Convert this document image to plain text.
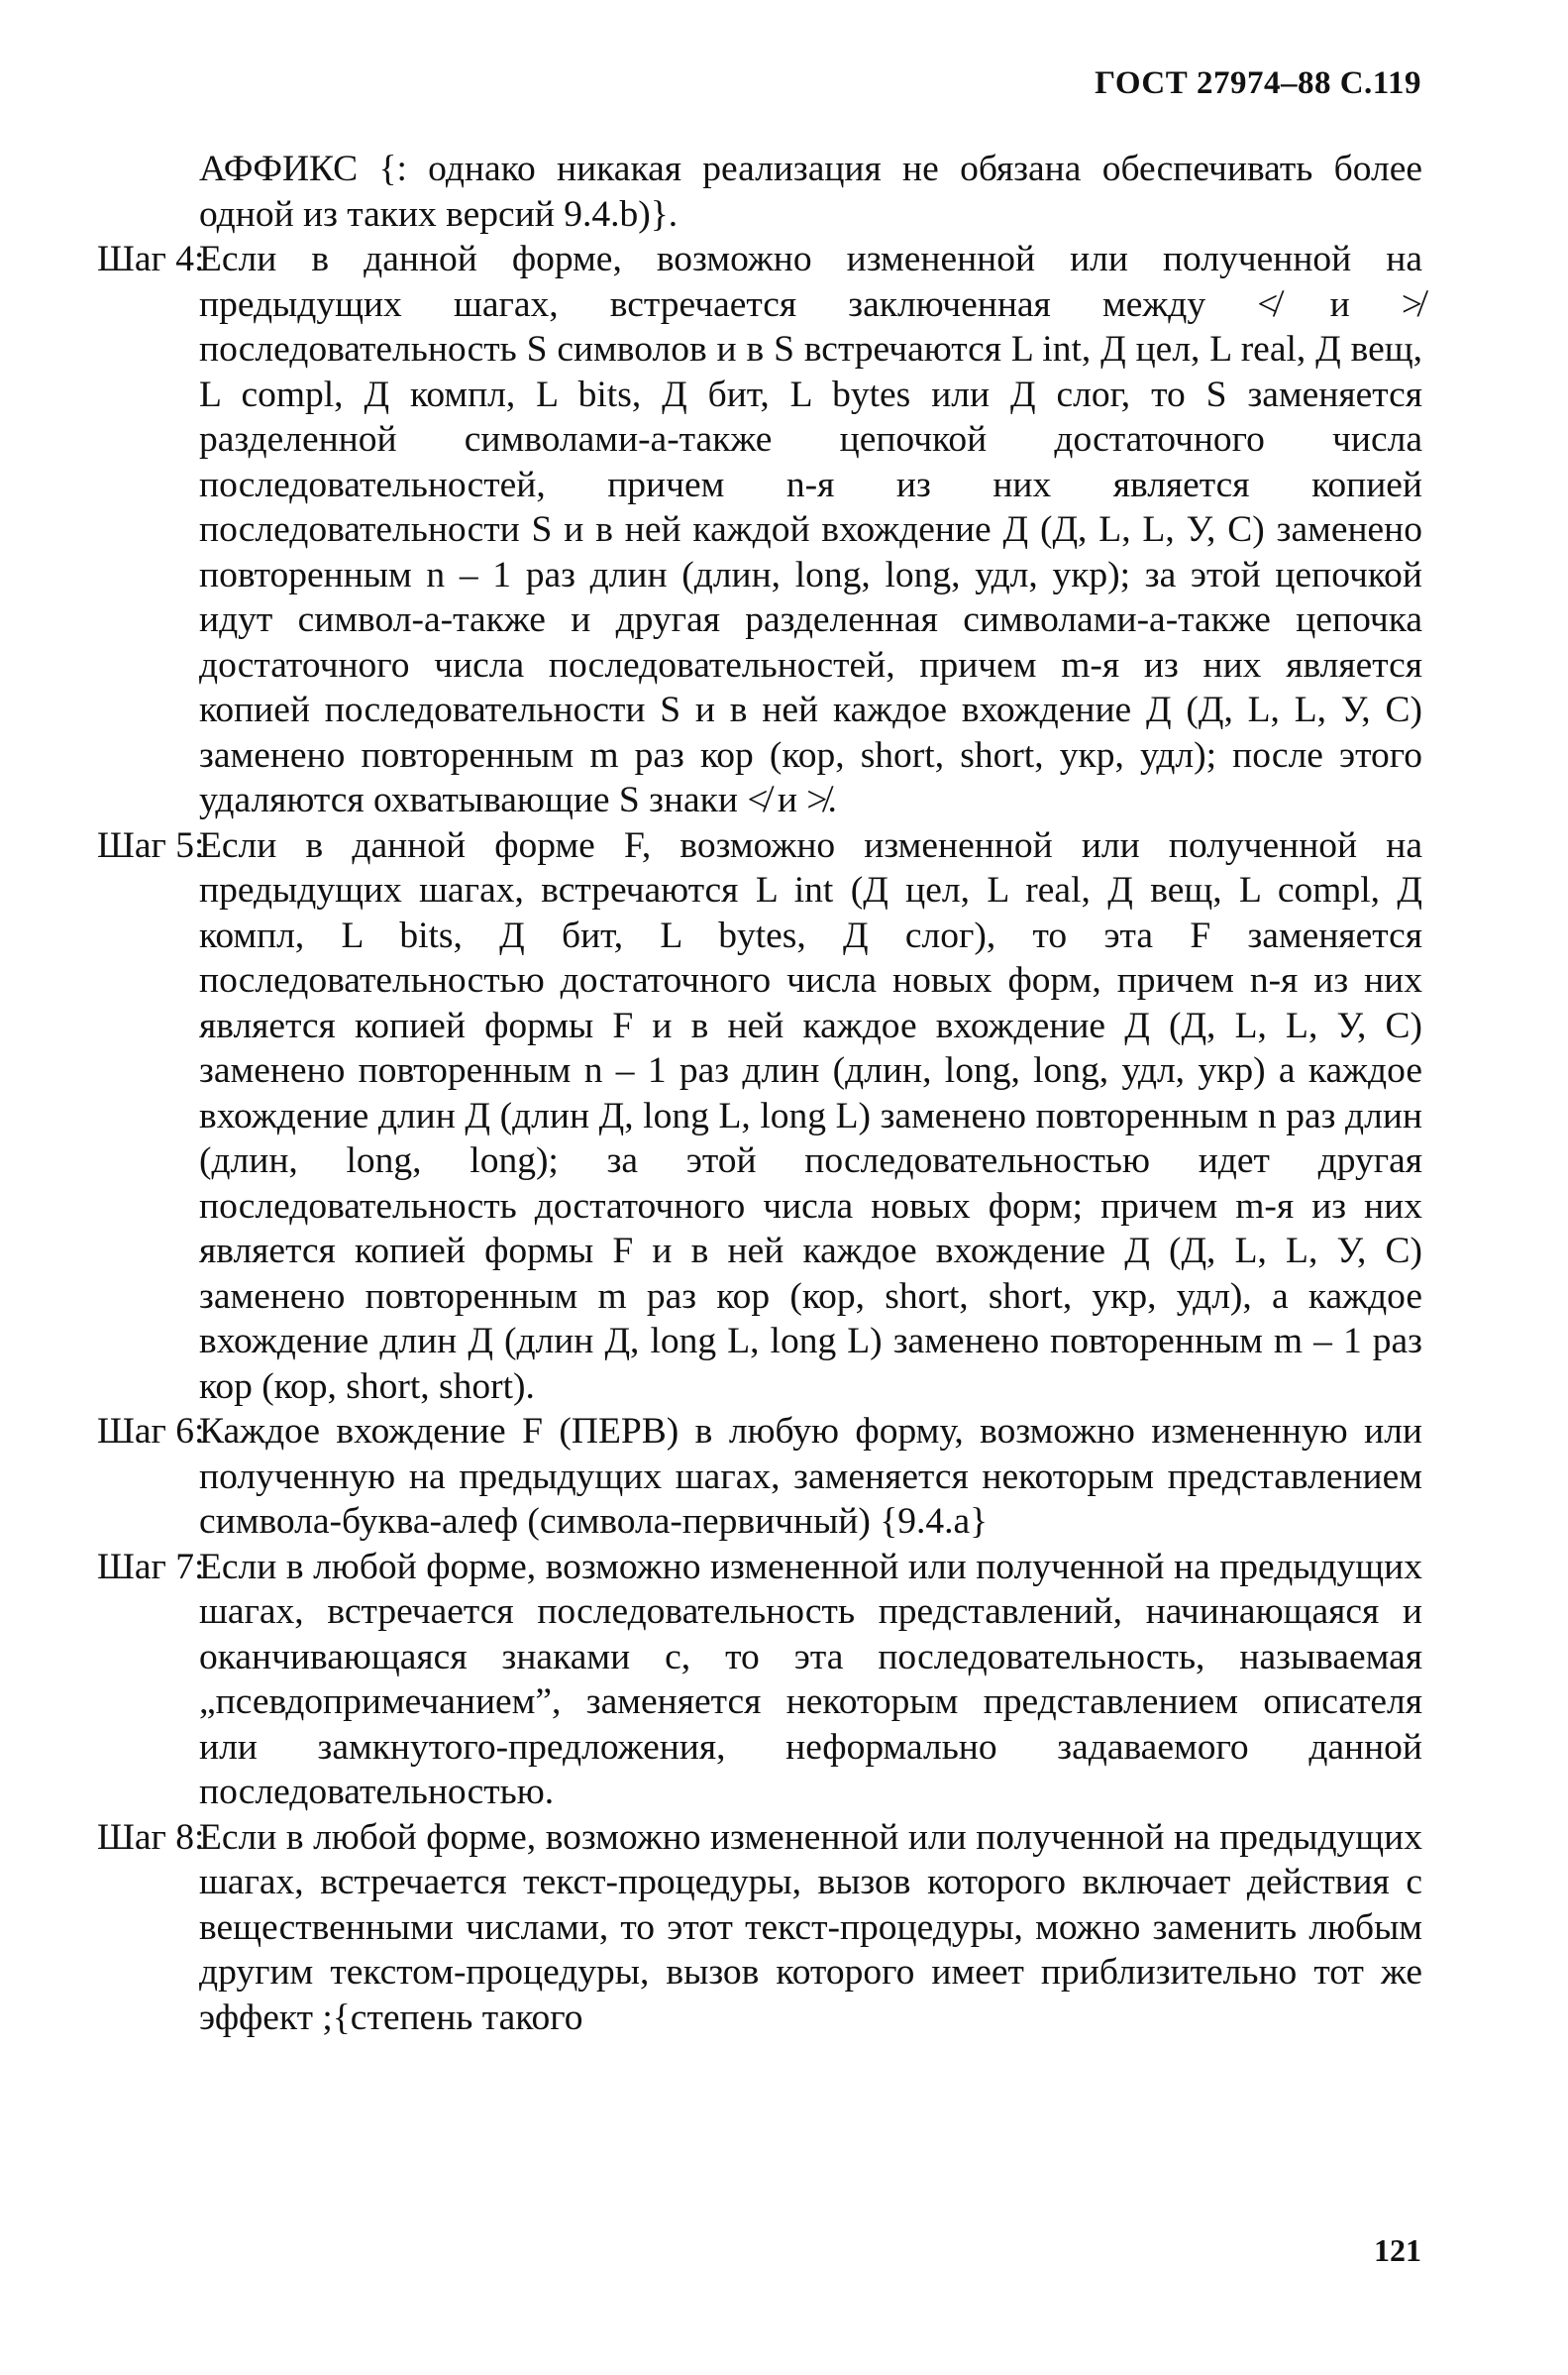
ГОСТ 27974–88 С.119

АФФИКС {: однако никакая реализация не обязана обеспечивать более одной из таких версий 9.4.b)}.

Шаг 4:

Если в данной форме, возможно измененной или полученной на предыдущих шагах, встречается заключенная между ≮ и ≯ последовательность S символов и в S встречаются L int, Д цел, L real, Д вещ, L compl, Д компл, L bits, Д бит, L bytes или Д слог, то S заменяется разделенной символами-а-также цепочкой достаточного числа последовательностей, причем n-я из них является копией последовательности S и в ней каждой вхождение Д (Д, L, L, У, С) заменено повторенным n – 1 раз длин (длин, long, long, удл, укр); за этой цепочкой идут символ-а-также и другая разделенная символами-а-также цепочка достаточного числа последовательностей, причем m-я из них является копией последовательности S и в ней каждое вхождение Д (Д, L, L, У, С) заменено повторенным m раз кор (кор, short, short, укр, удл); после этого удаляются охватывающие S знаки ≮ и ≯.

Шаг 5:

Если в данной форме F, возможно измененной или полученной на предыдущих шагах, встречаются L int (Д цел, L real, Д вещ, L compl, Д компл, L bits, Д бит, L bytes, Д слог), то эта F заменяется последовательностью достаточного числа новых форм, причем n-я из них является копией формы F и в ней каждое вхождение Д (Д, L, L, У, С) заменено повторенным n – 1 раз длин (длин, long, long, удл, укр) а каждое вхождение длин Д (длин Д, long L, long L) заменено повторенным n раз длин (длин, long, long); за этой последовательностью идет другая последовательность достаточного числа новых форм; причем m-я из них является копией формы F и в ней каждое вхождение Д (Д, L, L, У, С) заменено повторенным m раз кор (кор, short, short, укр, удл), а каждое вхождение длин Д (длин Д, long L, long L) заменено повторенным m – 1 раз кор (кор, short, short).

Шаг 6:

Каждое вхождение F (ПЕРВ) в любую форму, возможно измененную или полученную на предыдущих шагах, заменяется некоторым представлением символа-буква-алеф (символа-первичный) {9.4.a}

Шаг 7:

Если в любой форме, возможно измененной или полученной на предыдущих шагах, встречается последовательность представлений, начинающаяся и оканчивающаяся знаками с, то эта последовательность, называемая „псевдопримечанием”, заменяется некоторым представлением описателя или замкнутого-предложения, неформально задаваемого данной последовательностью.

Шаг 8:

Если в любой форме, возможно измененной или полученной на предыдущих шагах, встречается текст-процедуры, вызов которого включает действия с вещественными числами, то этот текст-процедуры, можно заменить любым другим текстом-процедуры, вызов которого имеет приблизительно тот же эффект ;{степень такого

121
